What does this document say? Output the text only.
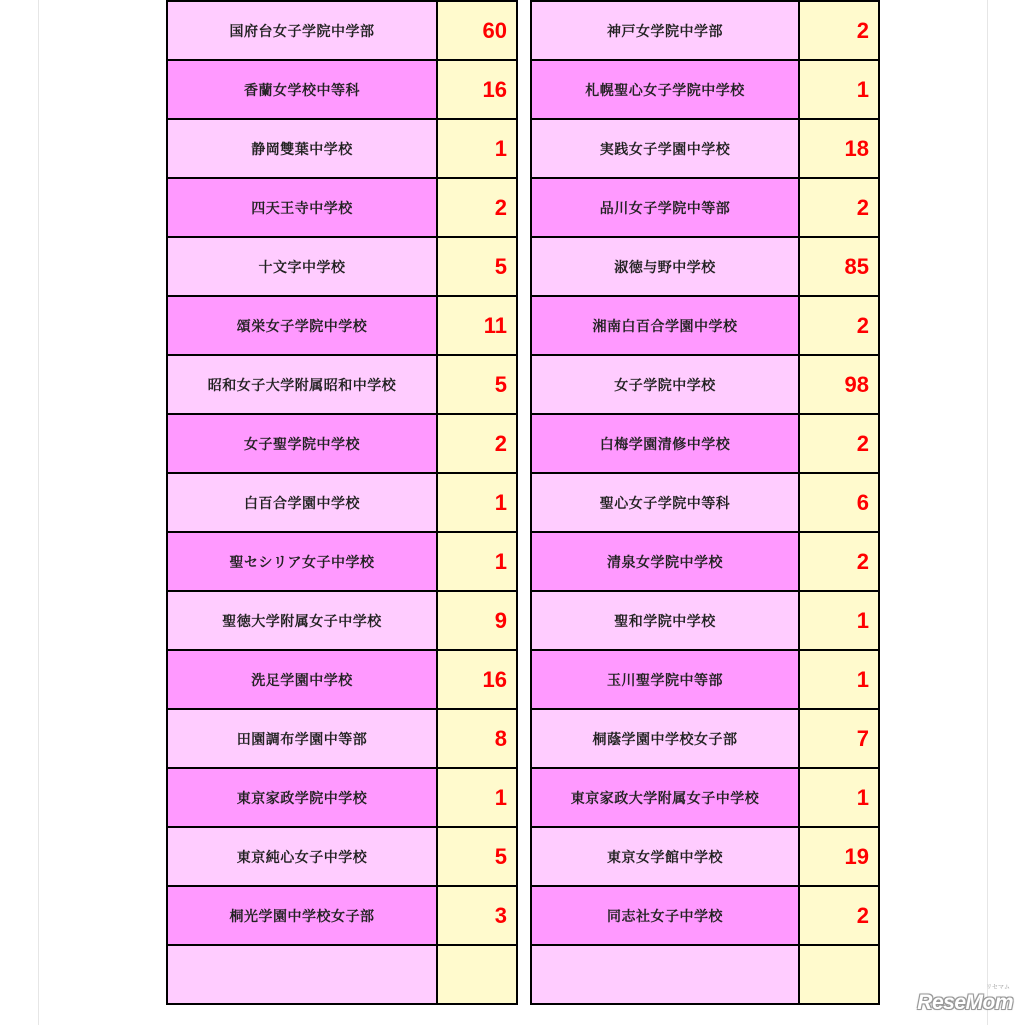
国府台女子学院中学部	60
香蘭女学校中等科	16
静岡雙葉中学校	1
四天王寺中学校	2
十文字中学校	5
頌栄女子学院中学校	11
昭和女子大学附属昭和中学校	5
女子聖学院中学校	2
白百合学園中学校	1
聖セシリア女子中学校	1
聖徳大学附属女子中学校	9
洗足学園中学校	16
田園調布学園中等部	8
東京家政学院中学校	1
東京純心女子中学校	5
桐光学園中学校女子部	3

神戸女学院中学部	2
札幌聖心女子学院中学校	1
実践女子学園中学校	18
品川女子学院中等部	2
淑徳与野中学校	85
湘南白百合学園中学校	2
女子学院中学校	98
白梅学園清修中学校	2
聖心女子学院中等科	6
清泉女学院中学校	2
聖和学院中学校	1
玉川聖学院中等部	1
桐蔭学園中学校女子部	7
東京家政大学附属女子中学校	1
東京女学館中学校	19
同志社女子中学校	2

リセマム
ReseMom
